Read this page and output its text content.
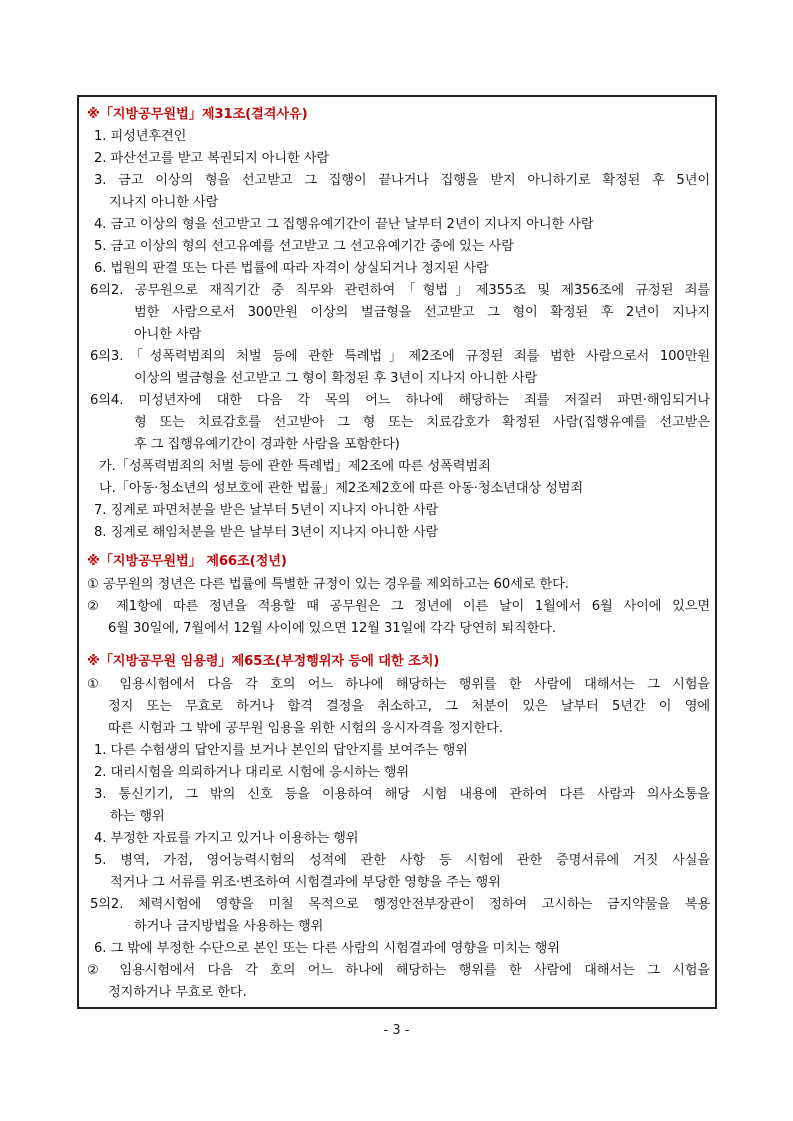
※「지방공무원법」제31조(결격사유)
1. 피성년후견인
2. 파산선고를 받고 복권되지 아니한 사람
3. 금고 이상의 형을 선고받고 그 집행이 끝나거나 집행을 받지 아니하기로 확정된 후 5년이
지나지 아니한 사람
4. 금고 이상의 형을 선고받고 그 집행유예기간이 끝난 날부터 2년이 지나지 아니한 사람
5. 금고 이상의 형의 선고유예를 선고받고 그 선고유예기간 중에 있는 사람
6. 법원의 판결 또는 다른 법률에 따라 자격이 상실되거나 정지된 사람
6의2. 공무원으로 재직기간 중 직무와 관련하여「형법」제355조 및 제356조에 규정된 죄를
범한 사람으로서 300만원 이상의 벌금형을 선고받고 그 형이 확정된 후 2년이 지나지
아니한 사람
6의3.「성폭력범죄의 처벌 등에 관한 특례법」제2조에 규정된 죄를 범한 사람으로서 100만원
이상의 벌금형을 선고받고 그 형이 확정된 후 3년이 지나지 아니한 사람
6의4. 미성년자에 대한 다음 각 목의 어느 하나에 해당하는 죄를 저질러 파면·해임되거나
형 또는 치료감호를 선고받아 그 형 또는 치료감호가 확정된 사람(집행유예를 선고받은
후 그 집행유예기간이 경과한 사람을 포함한다)
가.「성폭력범죄의 처벌 등에 관한 특례법」제2조에 따른 성폭력범죄
나.「아동·청소년의 성보호에 관한 법률」제2조제2호에 따른 아동·청소년대상 성범죄
7. 징계로 파면처분을 받은 날부터 5년이 지나지 아니한 사람
8. 징계로 해임처분을 받은 날부터 3년이 지나지 아니한 사람
※「지방공무원법」 제66조(정년)
① 공무원의 정년은 다른 법률에 특별한 규정이 있는 경우를 제외하고는 60세로 한다.
② 제1항에 따른 정년을 적용할 때 공무원은 그 정년에 이른 날이 1월에서 6월 사이에 있으면
6월 30일에, 7월에서 12월 사이에 있으면 12월 31일에 각각 당연히 퇴직한다.
※「지방공무원 임용령」제65조(부정행위자 등에 대한 조치)
① 임용시험에서 다음 각 호의 어느 하나에 해당하는 행위를 한 사람에 대해서는 그 시험을
정지 또는 무효로 하거나 합격 결정을 취소하고, 그 처분이 있은 날부터 5년간 이 영에
따른 시험과 그 밖에 공무원 임용을 위한 시험의 응시자격을 정지한다.
1. 다른 수험생의 답안지를 보거나 본인의 답안지를 보여주는 행위
2. 대리시험을 의뢰하거나 대리로 시험에 응시하는 행위
3. 통신기기, 그 밖의 신호 등을 이용하여 해당 시험 내용에 관하여 다른 사람과 의사소통을
하는 행위
4. 부정한 자료를 가지고 있거나 이용하는 행위
5. 병역, 가점, 영어능력시험의 성적에 관한 사항 등 시험에 관한 증명서류에 거짓 사실을
적거나 그 서류를 위조·변조하여 시험결과에 부당한 영향을 주는 행위
5의2. 체력시험에 영향을 미칠 목적으로 행정안전부장관이 정하여 고시하는 금지약물을 복용
하거나 금지방법을 사용하는 행위
6. 그 밖에 부정한 수단으로 본인 또는 다른 사람의 시험결과에 영향을 미치는 행위
② 임용시험에서 다음 각 호의 어느 하나에 해당하는 행위를 한 사람에 대해서는 그 시험을
정지하거나 무효로 한다.
- 3 -
